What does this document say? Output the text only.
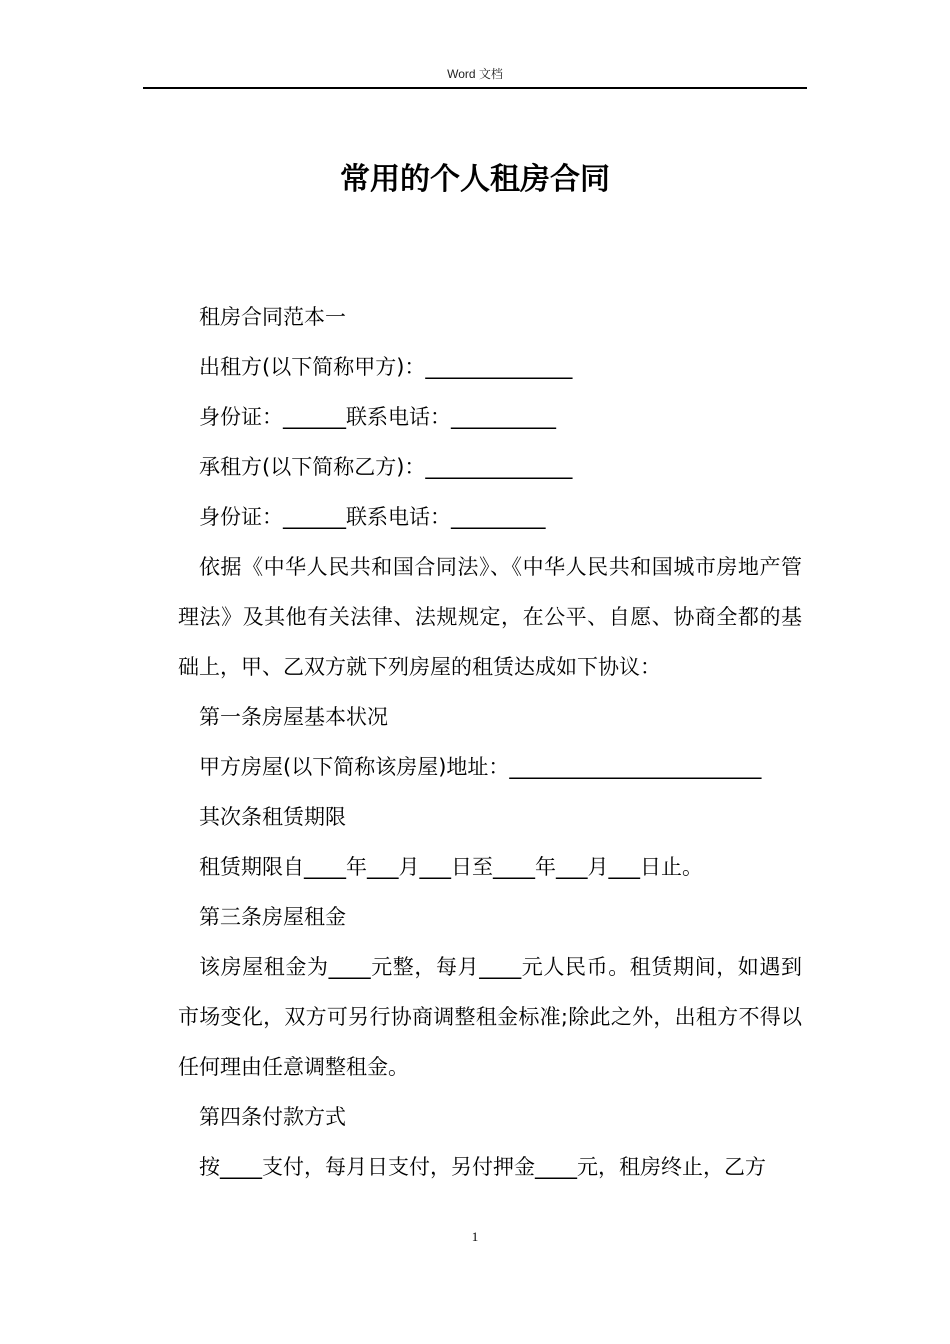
Word 文档
常用的个人租房合同

租房合同范本一

出租方(以下简称甲方)：______________

身份证：______联系电话：__________

承租方(以下简称乙方)：______________

身份证：______联系电话：_________

依据《中华人民共和国合同法》、《中华人民共和国城市房地产管理法》及其他有关法律、法规规定，在公平、自愿、协商全都的基础上，甲、乙双方就下列房屋的租赁达成如下协议：

第一条房屋基本状况

甲方房屋(以下简称该房屋)地址：________________________

其次条租赁期限

租赁期限自____年___月___日至____年___月___日止。

第三条房屋租金

该房屋租金为____元整，每月____元人民币。租赁期间，如遇到市场变化，双方可另行协商调整租金标准;除此之外，出租方不得以任何理由任意调整租金。

第四条付款方式

按____支付，每月日支付，另付押金____元，租房终止，乙方

1
